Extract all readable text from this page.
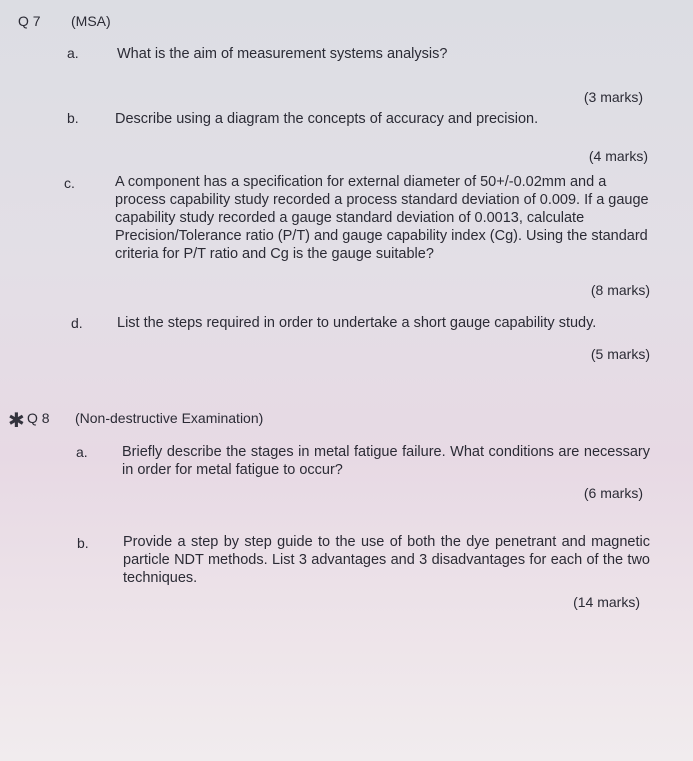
Q 7 (MSA)
a.	What is the aim of measurement systems analysis?
(3 marks)
b.	Describe using a diagram the concepts of accuracy and precision.
(4 marks)
c.	A component has a specification for external diameter of 50+/-0.02mm and a process capability study recorded a process standard deviation of 0.009. If a gauge capability study recorded a gauge standard deviation of 0.0013, calculate Precision/Tolerance ratio (P/T) and gauge capability index (Cg). Using the standard criteria for P/T ratio and Cg is the gauge suitable?
(8 marks)
d. List the steps required in order to undertake a short gauge capability study.
(5 marks)
✱ Q 8 (Non-destructive Examination)
a. Briefly describe the stages in metal fatigue failure. What conditions are necessary in order for metal fatigue to occur?
(6 marks)
b. Provide a step by step guide to the use of both the dye penetrant and magnetic particle NDT methods. List 3 advantages and 3 disadvantages for each of the two techniques.
(14 marks)
